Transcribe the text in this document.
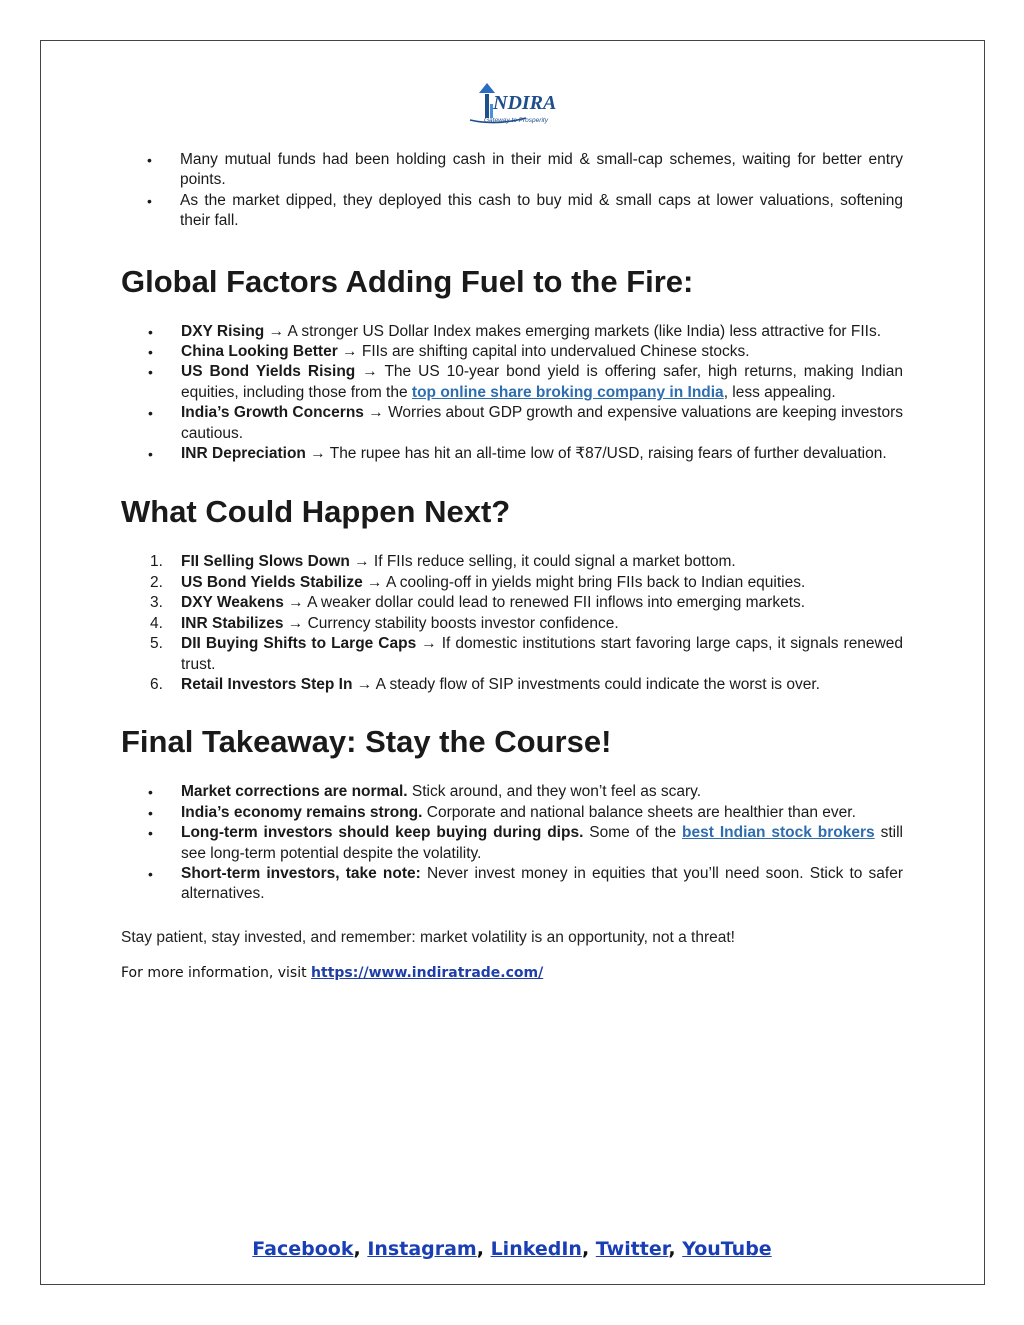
NDIRA
Gateway to Prosperity
• Many mutual funds had been holding cash in their mid & small-cap schemes, waiting for better entry points.
• As the market dipped, they deployed this cash to buy mid & small caps at lower valuations, softening their fall.
Global Factors Adding Fuel to the Fire:
• DXY Rising → A stronger US Dollar Index makes emerging markets (like India) less attractive for FIIs.
• China Looking Better → FIIs are shifting capital into undervalued Chinese stocks.
• US Bond Yields Rising → The US 10-year bond yield is offering safer, high returns, making Indian equities, including those from the top online share broking company in India, less appealing.
• India’s Growth Concerns → Worries about GDP growth and expensive valuations are keeping investors cautious.
• INR Depreciation → The rupee has hit an all-time low of ₹87/USD, raising fears of further devaluation.
What Could Happen Next?
1. FII Selling Slows Down → If FIIs reduce selling, it could signal a market bottom.
2. US Bond Yields Stabilize → A cooling-off in yields might bring FIIs back to Indian equities.
3. DXY Weakens → A weaker dollar could lead to renewed FII inflows into emerging markets.
4. INR Stabilizes → Currency stability boosts investor confidence.
5. DII Buying Shifts to Large Caps → If domestic institutions start favoring large caps, it signals renewed trust.
6. Retail Investors Step In → A steady flow of SIP investments could indicate the worst is over.
Final Takeaway: Stay the Course!
• Market corrections are normal. Stick around, and they won’t feel as scary.
• India’s economy remains strong. Corporate and national balance sheets are healthier than ever.
• Long-term investors should keep buying during dips. Some of the best Indian stock brokers still see long-term potential despite the volatility.
• Short-term investors, take note: Never invest money in equities that you’ll need soon. Stick to safer alternatives.

Stay patient, stay invested, and remember: market volatility is an opportunity, not a threat!

For more information, visit https://www.indiratrade.com/

Facebook, Instagram, LinkedIn, Twitter, YouTube
